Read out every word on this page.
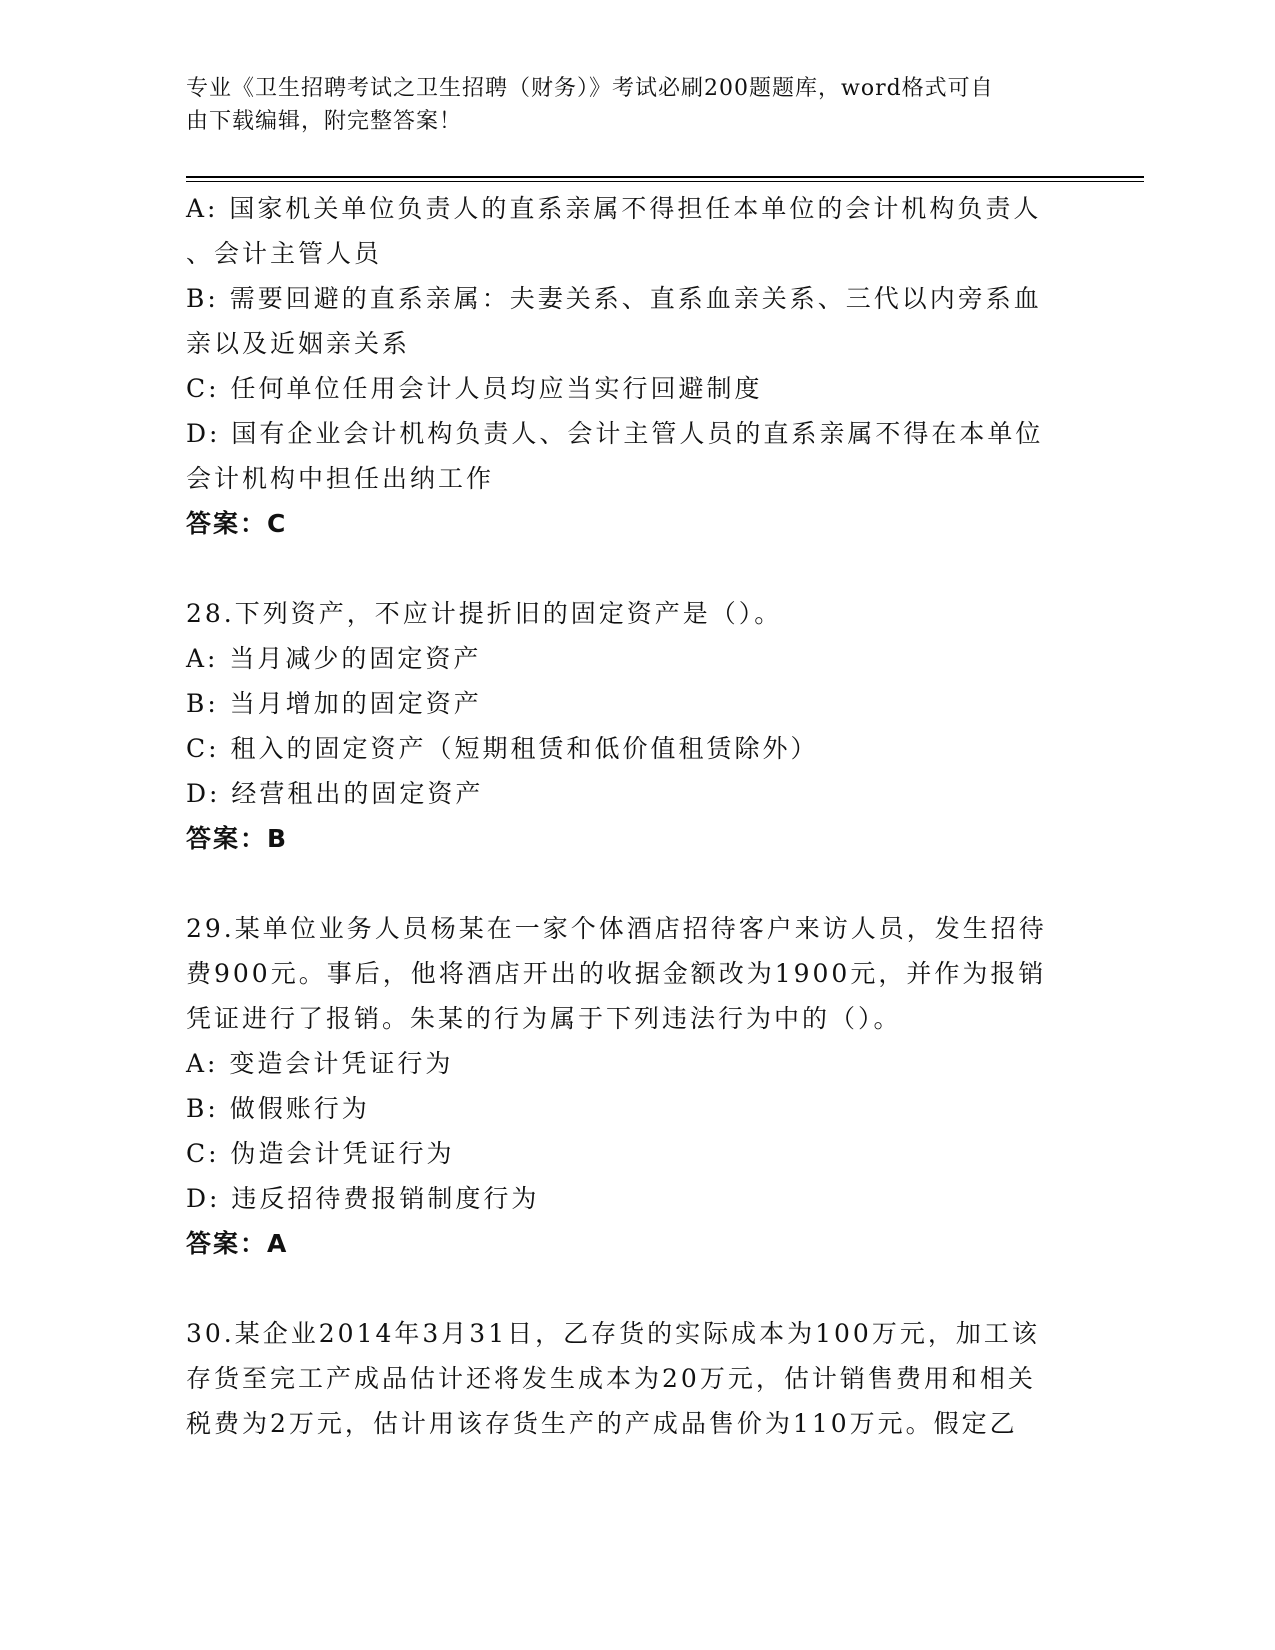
专业《卫生招聘考试之卫生招聘（财务）》考试必刷200题题库，word格式可自
由下载编辑，附完整答案！
A: 国家机关单位负责人的直系亲属不得担任本单位的会计机构负责人
、会计主管人员
B: 需要回避的直系亲属：夫妻关系、直系血亲关系、三代以内旁系血
亲以及近姻亲关系
C: 任何单位任用会计人员均应当实行回避制度
D: 国有企业会计机构负责人、会计主管人员的直系亲属不得在本单位
会计机构中担任出纳工作
答案：C
28.下列资产，不应计提折旧的固定资产是（）。
A: 当月减少的固定资产
B: 当月增加的固定资产
C: 租入的固定资产（短期租赁和低价值租赁除外）
D: 经营租出的固定资产
答案：B
29.某单位业务人员杨某在一家个体酒店招待客户来访人员，发生招待
费900元。事后，他将酒店开出的收据金额改为1900元，并作为报销
凭证进行了报销。朱某的行为属于下列违法行为中的（）。
A: 变造会计凭证行为
B: 做假账行为
C: 伪造会计凭证行为
D: 违反招待费报销制度行为
答案：A
30.某企业2014年3月31日，乙存货的实际成本为100万元，加工该
存货至完工产成品估计还将发生成本为20万元，估计销售费用和相关
税费为2万元，估计用该存货生产的产成品售价为110万元。假定乙
